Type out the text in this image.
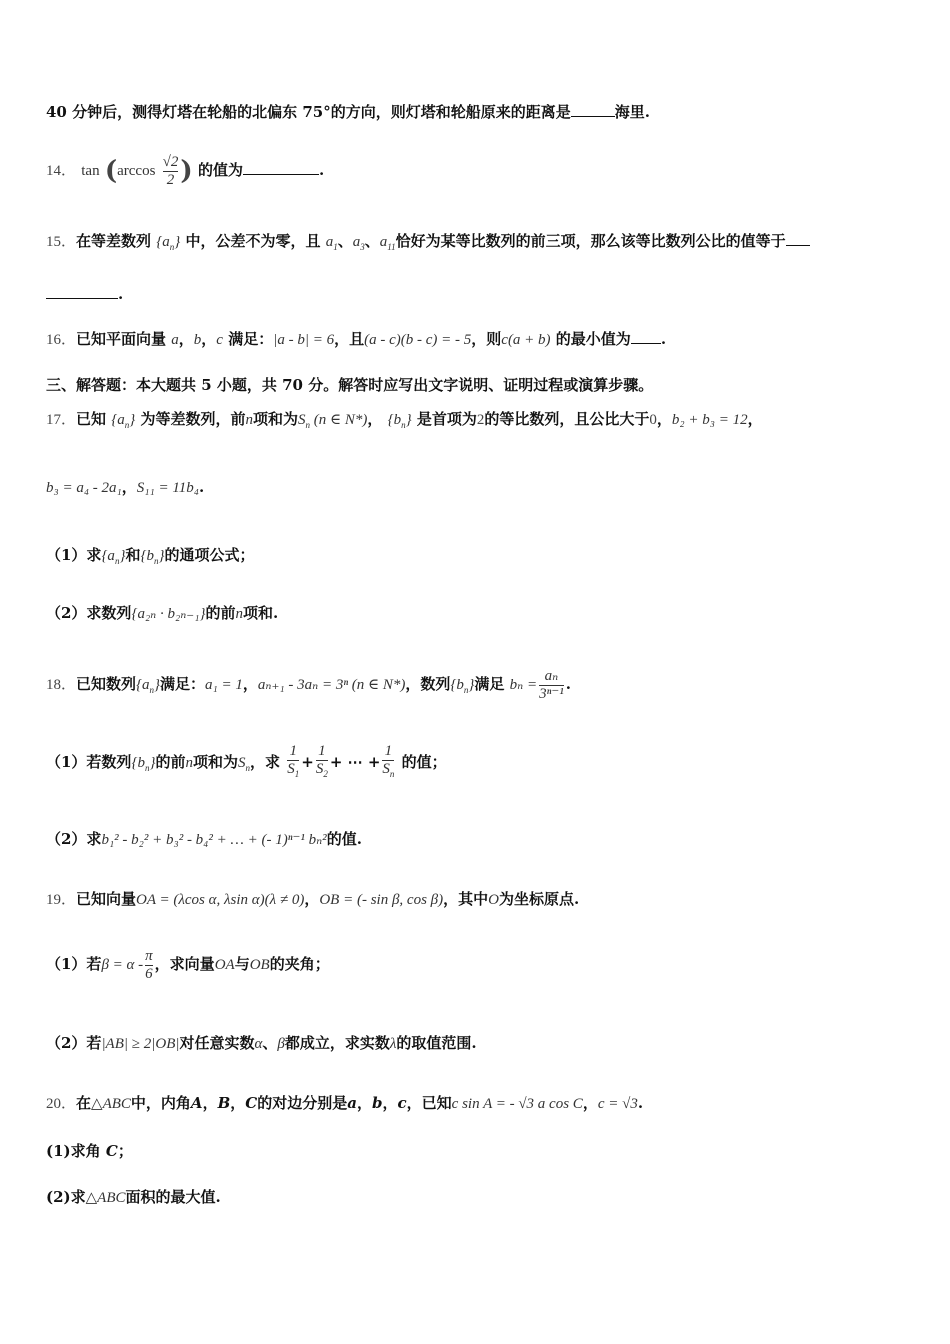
40 分钟后，测得灯塔在轮船的北偏东 75°的方向，则灯塔和轮船原来的距离是	海里.
14． $\tan (\arccos \frac{√2}{2}$ ) 的值为	.
15．在等差数列 $\{a_n\}$ 中，公差不为零，且 $a_1$、$a_3$、$a_{11}$恰好为某等比数列的前三项，那么该等比数列公比的值等于
.
16．已知平面向量 a，b，c 满足：|a - b| = 6，且(a - c)(b - c) = - 5，则c(a + b) 的最小值为 .
三、解答题：本大题共 5 小题，共 70 分。解答时应写出文字说明、证明过程或演算步骤。
17．已知 $\{a_n\}$ 为等差数列，前n项和为$S_n$ (n ∈ N*)， $\{b_n\}$ 是首项为2的等比数列，且公比大于0，b₂ + b₃ = 12，
b₃ = a₄ - 2a₁，S₁₁ = 11b₄.
（1）求$\{a_n\}$和$\{b_n\}$的通项公式；
（2）求数列{a₂ₙ · b₂ₙ₋₁}的前n项和.
18．已知数列$\{a_n\}$满足：a₁ = 1，aₙ₊₁ - 3aₙ = 3ⁿ (n ∈ N*)，数列$\{b_n\}$满足 $b_n = \frac{\text{aₙ}}{\text{3ⁿ⁻¹}}$ .
（1）若数列$\{b_n\}$的前n项和为$S_n$，求 $\frac{1}{S_1} + \frac{1}{S_2}$ + ⋯ + $\frac{1}{S_n}$ 的值；
（2）求b₁² - b₂² + b₃² - b₄² + … + (- 1)ⁿ⁻¹ bₙ²的值.
19．已知向量OA = (λcos α, λsin α)(λ ≠ 0)，OB = (- sin β, cos β)，其中O为坐标原点.
（1）若$\beta = \alpha - \frac{\pi}{6}$ ，求向量OA与OB的夹角；
（2）若|AB| ≥ 2|OB|对任意实数α、β都成立，求实数λ的取值范围.
20．在△ABC中，内角A，B，C的对边分别是a，b，c，已知c sin A = - √3 a cos C，c = √3.
(1)求角 C；
(2)求△ABC面积的最大值.
